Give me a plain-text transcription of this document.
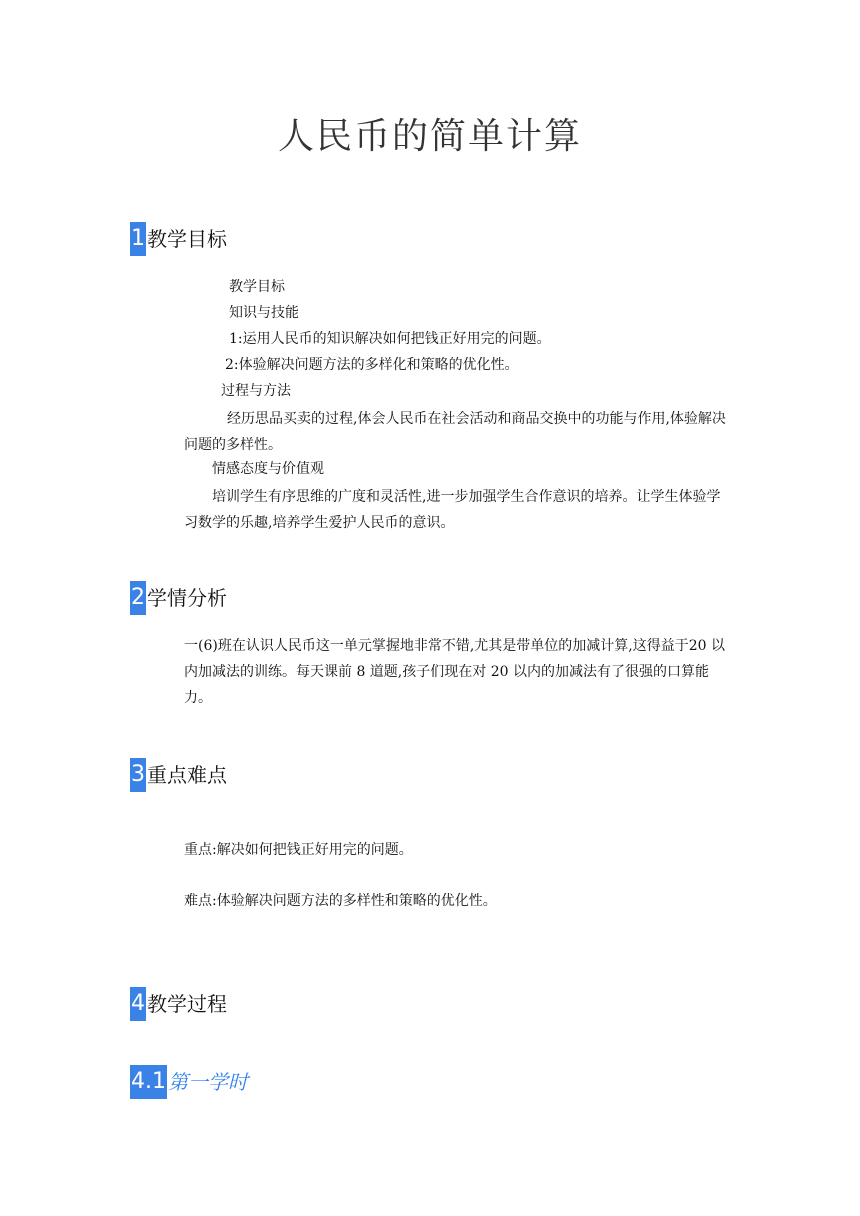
人民币的简单计算
1 教学目标
教学目标
知识与技能
1:运用人民币的知识解决如何把钱正好用完的问题。
2:体验解决问题方法的多样化和策略的优化性。
过程与方法
经历思品买卖的过程,体会人民币在社会活动和商品交换中的功能与作用,体验解决问题的多样性。
情感态度与价值观
培训学生有序思维的广度和灵活性,进一步加强学生合作意识的培养。让学生体验学习数学的乐趣,培养学生爱护人民币的意识。
2 学情分析
一(6)班在认识人民币这一单元掌握地非常不错,尤其是带单位的加减计算,这得益于20 以内加减法的训练。每天课前 8 道题,孩子们现在对 20 以内的加减法有了很强的口算能力。
3 重点难点
重点:解决如何把钱正好用完的问题。
难点:体验解决问题方法的多样性和策略的优化性。
4 教学过程
4.1 第一学时
